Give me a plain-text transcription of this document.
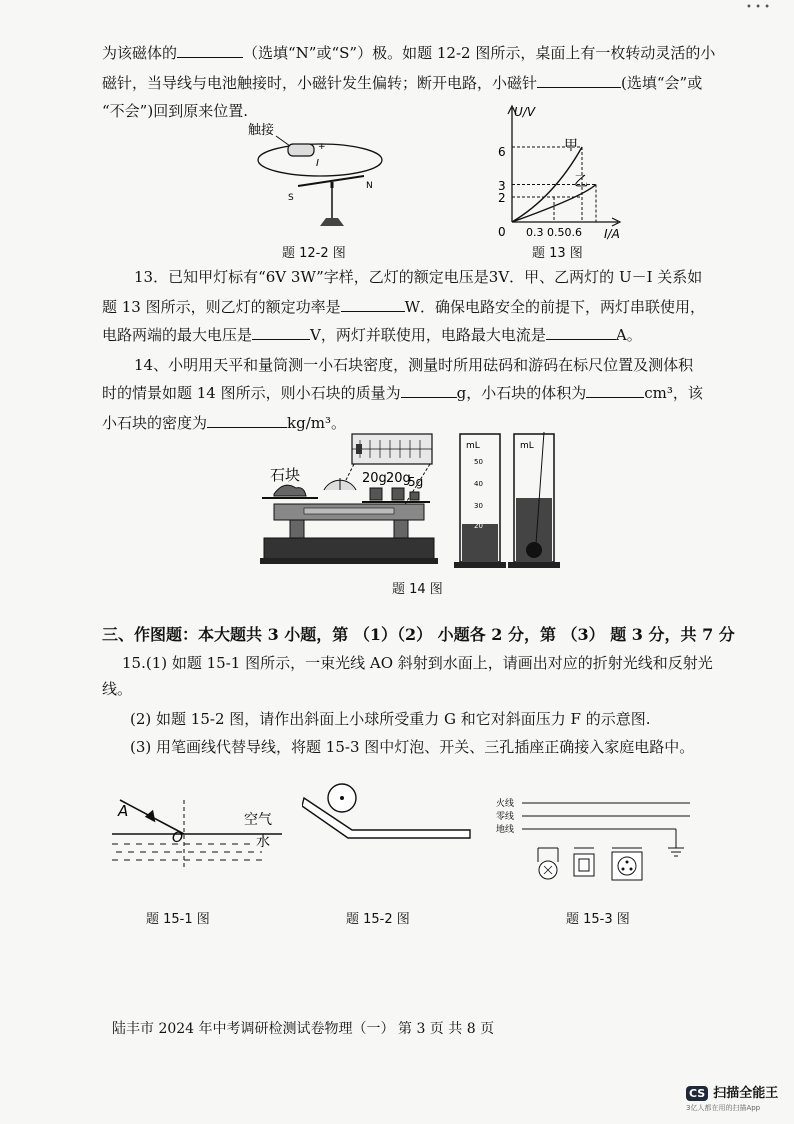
• • •
为该磁体的	（选填“N”或“S”）极。如题 12-2 图所示，桌面上有一枚转动灵活的小
磁针，当导线与电池触接时，小磁针发生偏转；断开电路，小磁针	(选填“会”或
“不会”)回到原来位置.
触接
+
I
S
N
题 12-2 图
U/V
I/A
0
6
3
2
0.3 0.50.6
甲
乙
题 13 图
13．已知甲灯标有“6V 3W”字样，乙灯的额定电压是3V．甲、乙两灯的 U－I 关系如
题 13 图所示，则乙灯的额定功率是	W．确保电路安全的前提下，两灯串联使用，
电路两端的最大电压是	V，两灯并联使用，电路最大电流是	A。
14、小明用天平和量筒测一小石块密度，测量时所用砝码和游码在标尺位置及测体积
时的情景如题 14 图所示，则小石块的质量为	g，小石块的体积为	cm³，该
小石块的密度为	kg/m³。
石块	20g 20g
5g
mL
50
40
30
20
mL
题 14 图
三、作图题：本大题共 3 小题，第 （1）（2） 小题各 2 分，第 （3） 题 3 分，共 7 分
15.(1) 如题 15-1 图所示，一束光线 AO 斜射到水面上，请画出对应的折射光线和反射光
线。
(2) 如题 15-2 图，请作出斜面上小球所受重力 G 和它对斜面压力 F 的示意图.
(3) 用笔画线代替导线，将题 15-3 图中灯泡、开关、三孔插座正确接入家庭电路中。
A
O
空气
水
题 15-1 图	题 15-2 图
火线
零线
地线
题 15-3 图
陆丰市 2024 年中考调研检测试卷物理（一） 第 3 页 共 8 页
CS 扫描全能王
3亿人都在用的扫描App
